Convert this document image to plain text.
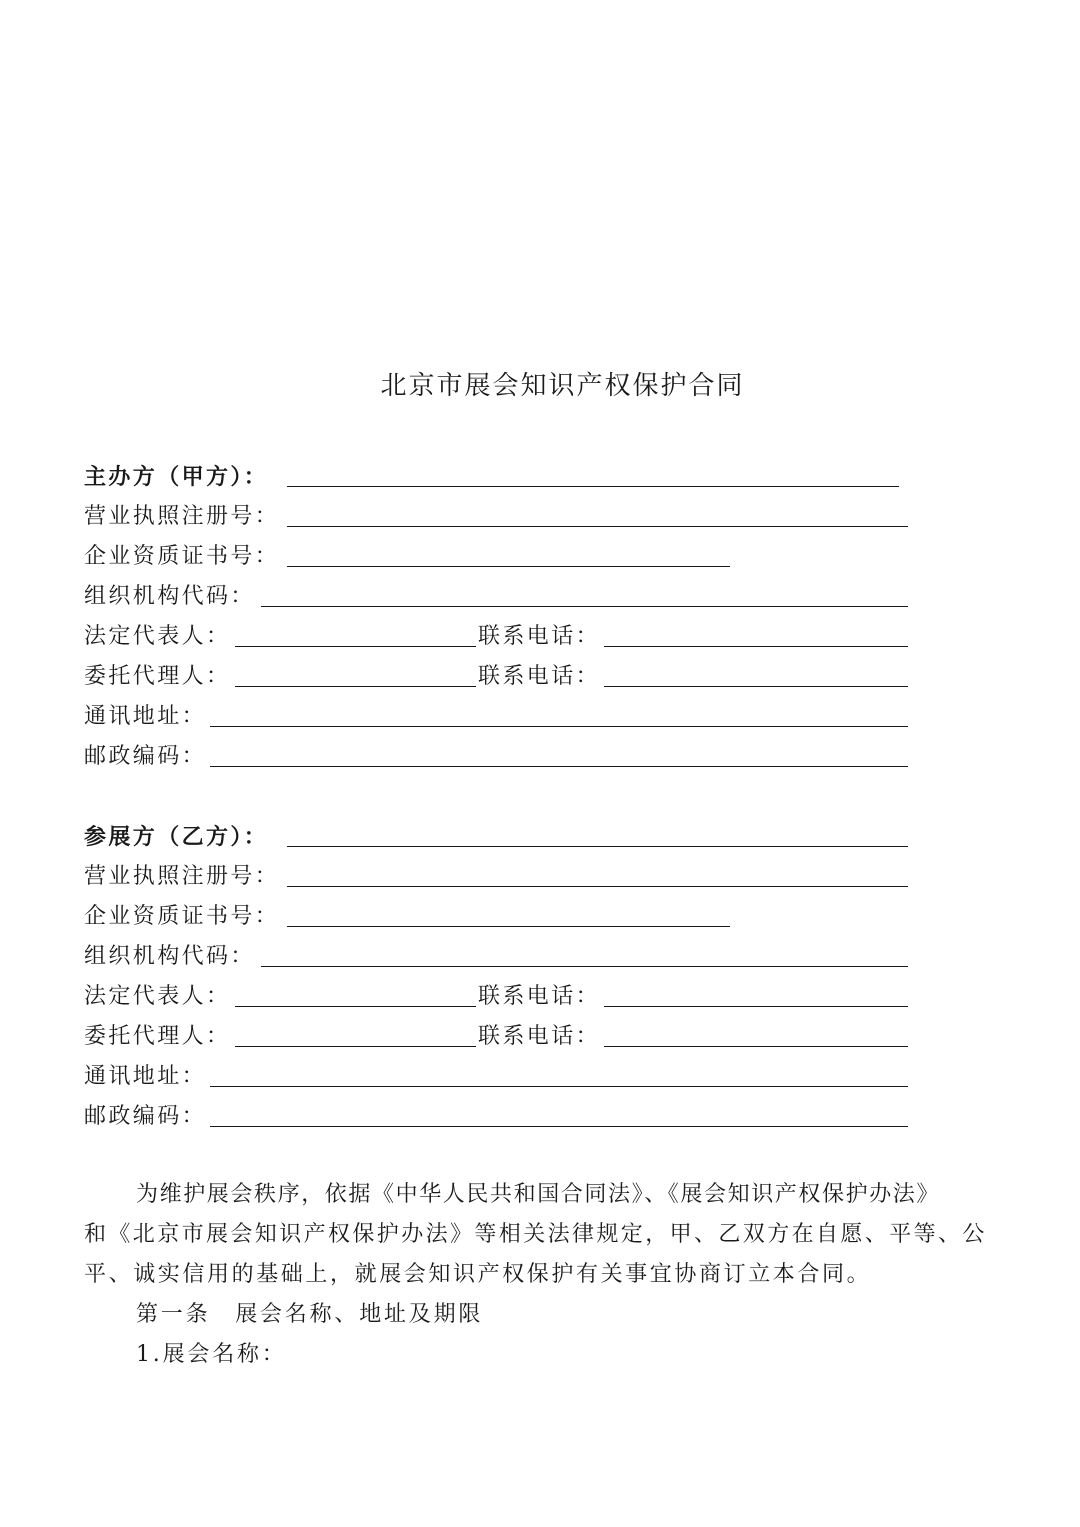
北京市展会知识产权保护合同
主办方（甲方）：
营业执照注册号：
企业资质证书号：
组织机构代码：
法定代表人：	联系电话：
委托代理人：	联系电话：
通讯地址：
邮政编码：
参展方（乙方）：
营业执照注册号：
企业资质证书号：
组织机构代码：
法定代表人：	联系电话：
委托代理人：	联系电话：
通讯地址：
邮政编码：
为维护展会秩序，依据《中华人民共和国合同法》、《展会知识产权保护办法》
和《北京市展会知识产权保护办法》等相关法律规定，甲、乙双方在自愿、平等、公
平、诚实信用的基础上，就展会知识产权保护有关事宜协商订立本合同。
第一条　展会名称、地址及期限
1.展会名称：
